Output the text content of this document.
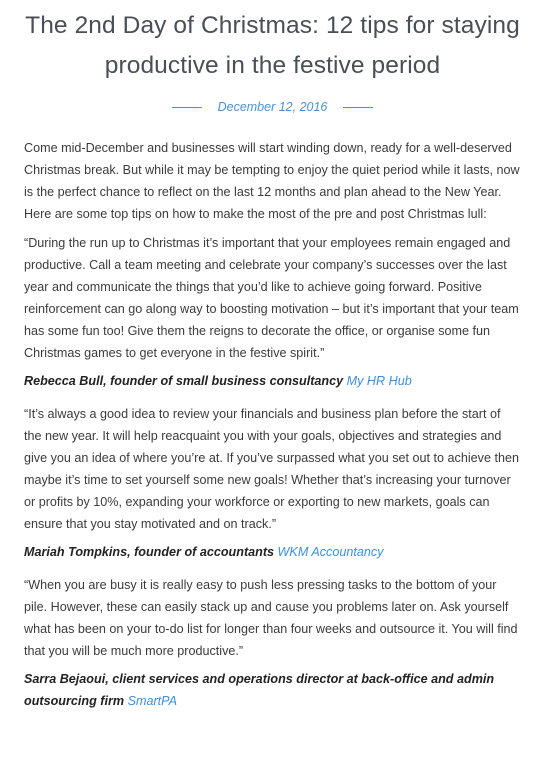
The 2nd Day of Christmas: 12 tips for staying productive in the festive period
December 12, 2016

Come mid-December and businesses will start winding down, ready for a well-deserved Christmas break. But while it may be tempting to enjoy the quiet period while it lasts, now is the perfect chance to reflect on the last 12 months and plan ahead to the New Year. Here are some top tips on how to make the most of the pre and post Christmas lull:

“During the run up to Christmas it’s important that your employees remain engaged and productive. Call a team meeting and celebrate your company’s successes over the last year and communicate the things that you’d like to achieve going forward. Positive reinforcement can go along way to boosting motivation – but it’s important that your team has some fun too! Give them the reigns to decorate the office, or organise some fun Christmas games to get everyone in the festive spirit.”

Rebecca Bull, founder of small business consultancy My HR Hub

“It’s always a good idea to review your financials and business plan before the start of the new year. It will help reacquaint you with your goals, objectives and strategies and give you an idea of where you’re at. If you’ve surpassed what you set out to achieve then maybe it’s time to set yourself some new goals! Whether that’s increasing your turnover or profits by 10%, expanding your workforce or exporting to new markets, goals can ensure that you stay motivated and on track.”

Mariah Tompkins, founder of accountants WKM Accountancy

“When you are busy it is really easy to push less pressing tasks to the bottom of your pile. However, these can easily stack up and cause you problems later on. Ask yourself what has been on your to-do list for longer than four weeks and outsource it. You will find that you will be much more productive.”

Sarra Bejaoui, client services and operations director at back-office and admin outsourcing firm SmartPA
